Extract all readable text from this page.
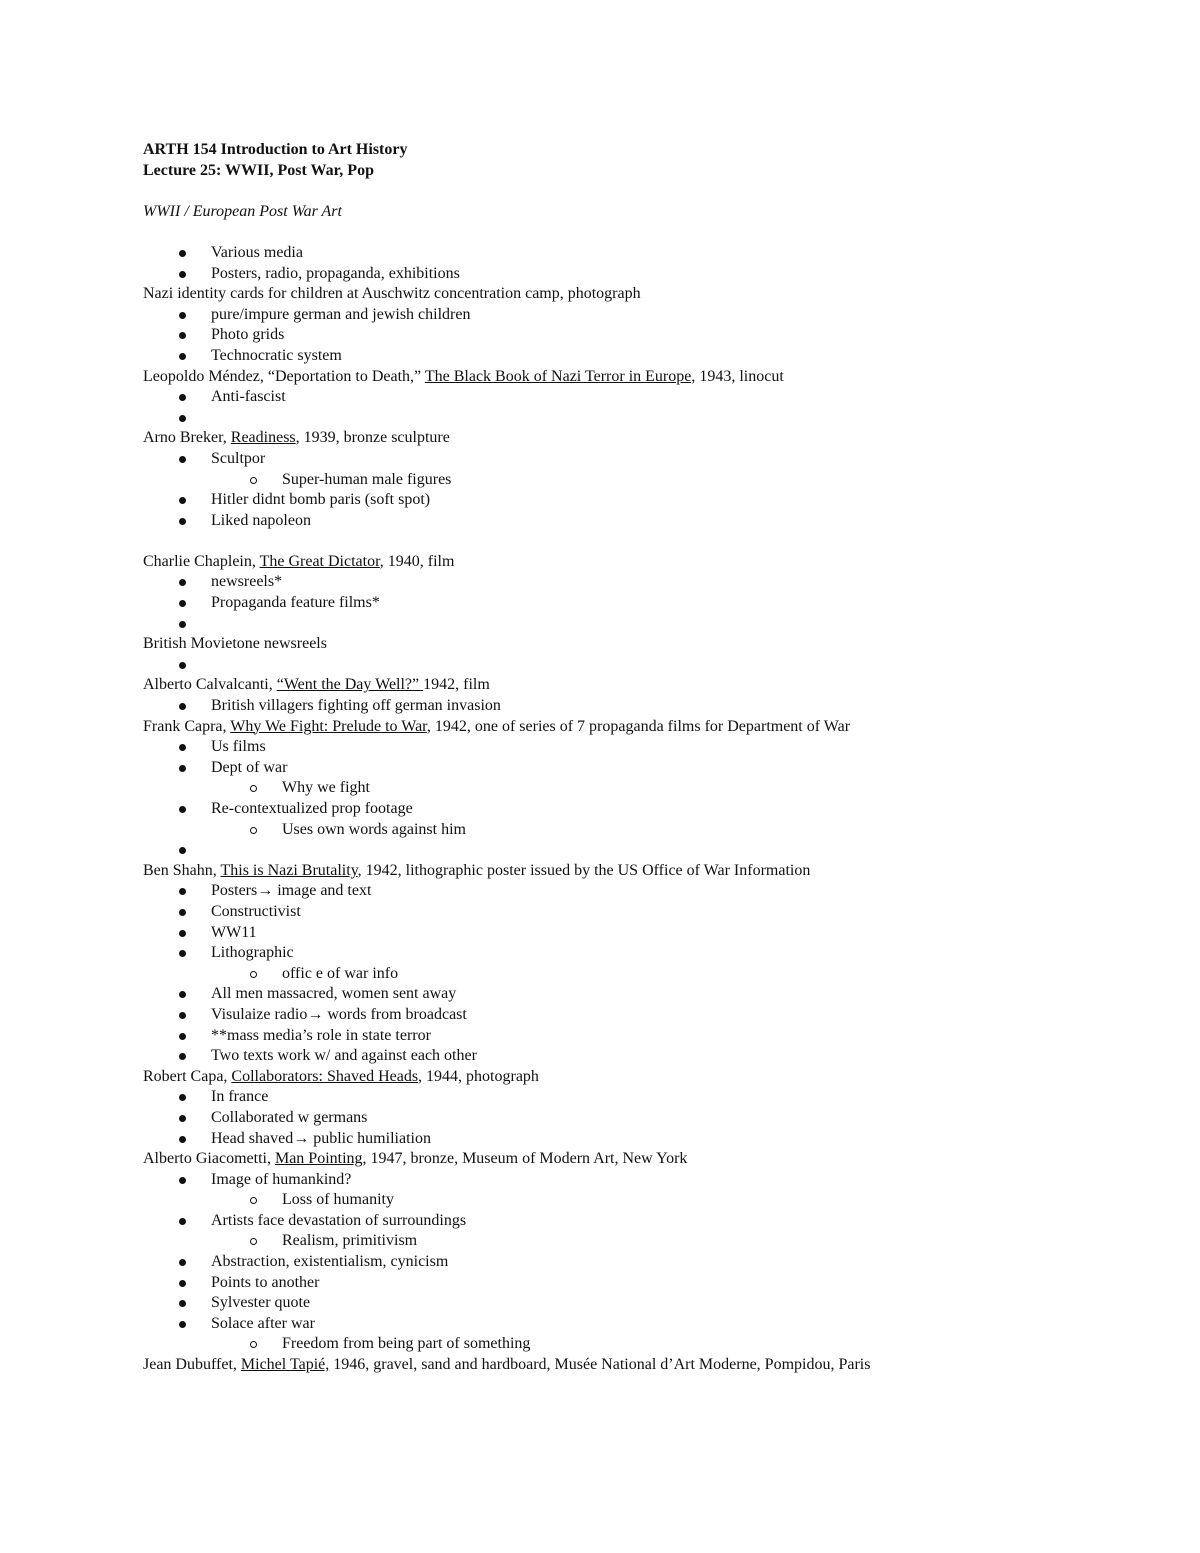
ARTH 154 Introduction to Art History
Lecture 25: WWII, Post War, Pop
WWII / European Post War Art
Various media
Posters, radio, propaganda, exhibitions
Nazi identity cards for children at Auschwitz concentration camp, photograph
pure/impure german and jewish children
Photo grids
Technocratic system
Leopoldo Méndez, “Deportation to Death,” The Black Book of Nazi Terror in Europe, 1943, linocut
Anti-fascist

Arno Breker, Readiness, 1939, bronze sculpture
Scultpor
Super-human male figures
Hitler didnt bomb paris (soft spot)
Liked napoleon
Charlie Chaplein, The Great Dictator, 1940, film
newsreels*
Propaganda feature films*

British Movietone newsreels

Alberto Calvalcanti, “Went the Day Well?” 1942, film
British villagers fighting off german invasion
Frank Capra, Why We Fight: Prelude to War, 1942, one of series of 7 propaganda films for Department of War
Us films
Dept of war
Why we fight
Re-contextualized prop footage
Uses own words against him

Ben Shahn, This is Nazi Brutality, 1942, lithographic poster issued by the US Office of War Information
Posters→ image and text
Constructivist
WW11
Lithographic
offic e of war info
All men massacred, women sent away
Visulaize radio→ words from broadcast
**mass media’s role in state terror
Two texts work w/ and against each other
Robert Capa, Collaborators: Shaved Heads, 1944, photograph
In france
Collaborated w germans
Head shaved→ public humiliation
Alberto Giacometti, Man Pointing, 1947, bronze, Museum of Modern Art, New York
Image of humankind?
Loss of humanity
Artists face devastation of surroundings
Realism, primitivism
Abstraction, existentialism, cynicism
Points to another
Sylvester quote
Solace after war
Freedom from being part of something
Jean Dubuffet, Michel Tapié, 1946, gravel, sand and hardboard, Musée National d’Art Moderne, Pompidou, Paris
